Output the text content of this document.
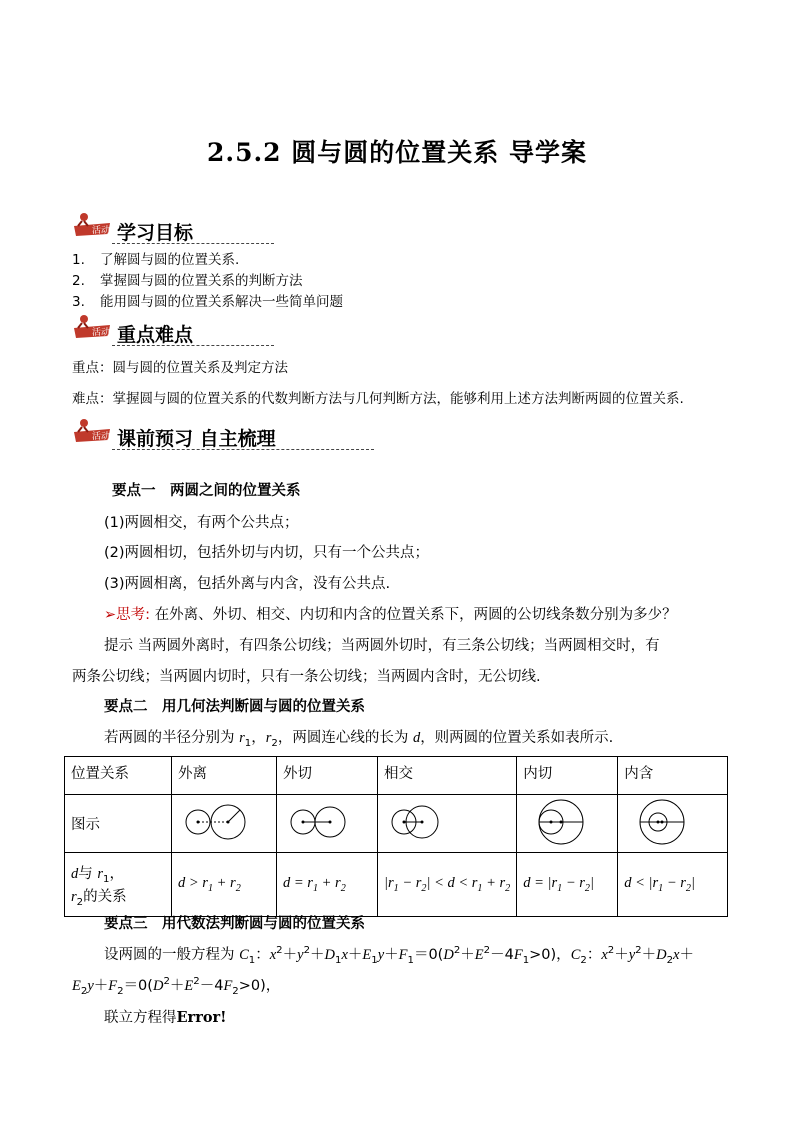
2.5.2 圆与圆的位置关系 导学案
活动 学习目标
1. 了解圆与圆的位置关系.
2. 掌握圆与圆的位置关系的判断方法
3. 能用圆与圆的位置关系解决一些简单问题
活动 重点难点
重点：圆与圆的位置关系及判定方法
难点：掌握圆与圆的位置关系的代数判断方法与几何判断方法，能够利用上述方法判断两圆的位置关系.
活动 课前预习 自主梳理
要点一　两圆之间的位置关系
(1)两圆相交，有两个公共点；
(2)两圆相切，包括外切与内切，只有一个公共点；
(3)两圆相离，包括外离与内含，没有公共点.
➢思考: 在外离、外切、相交、内切和内含的位置关系下，两圆的公切线条数分别为多少？
提示 当两圆外离时，有四条公切线；当两圆外切时，有三条公切线；当两圆相交时，有
两条公切线；当两圆内切时，只有一条公切线；当两圆内含时，无公切线.
要点二　用几何法判断圆与圆的位置关系
若两圆的半径分别为 $r_1$，$r_2$，两圆连心线的长为 d，则两圆的位置关系如表所示.
位置关系	外离	外切	相交	内切	内含
图示					
d与 $r_1$，
$r_2$的关系	$d > r_1 + r_2$	$d = r_1 + r_2$	$|r_1 - r_2| < d < r_1 + r_2$	$d = |r_1 - r_2|$	$d < |r_1 - r_2|$
要点三　用代数法判断圆与圆的位置关系
设两圆的一般方程为 $C_1$：$x^2+y^2+D_1x+E_1y+F_1=0(D^2+E^2-4F_1>0)$，$C_2$：$x^2+y^2+D_2x+$
$E_2y+F_2=0(D^2+E^2-4F_2>0)$，
联立方程得Error!
